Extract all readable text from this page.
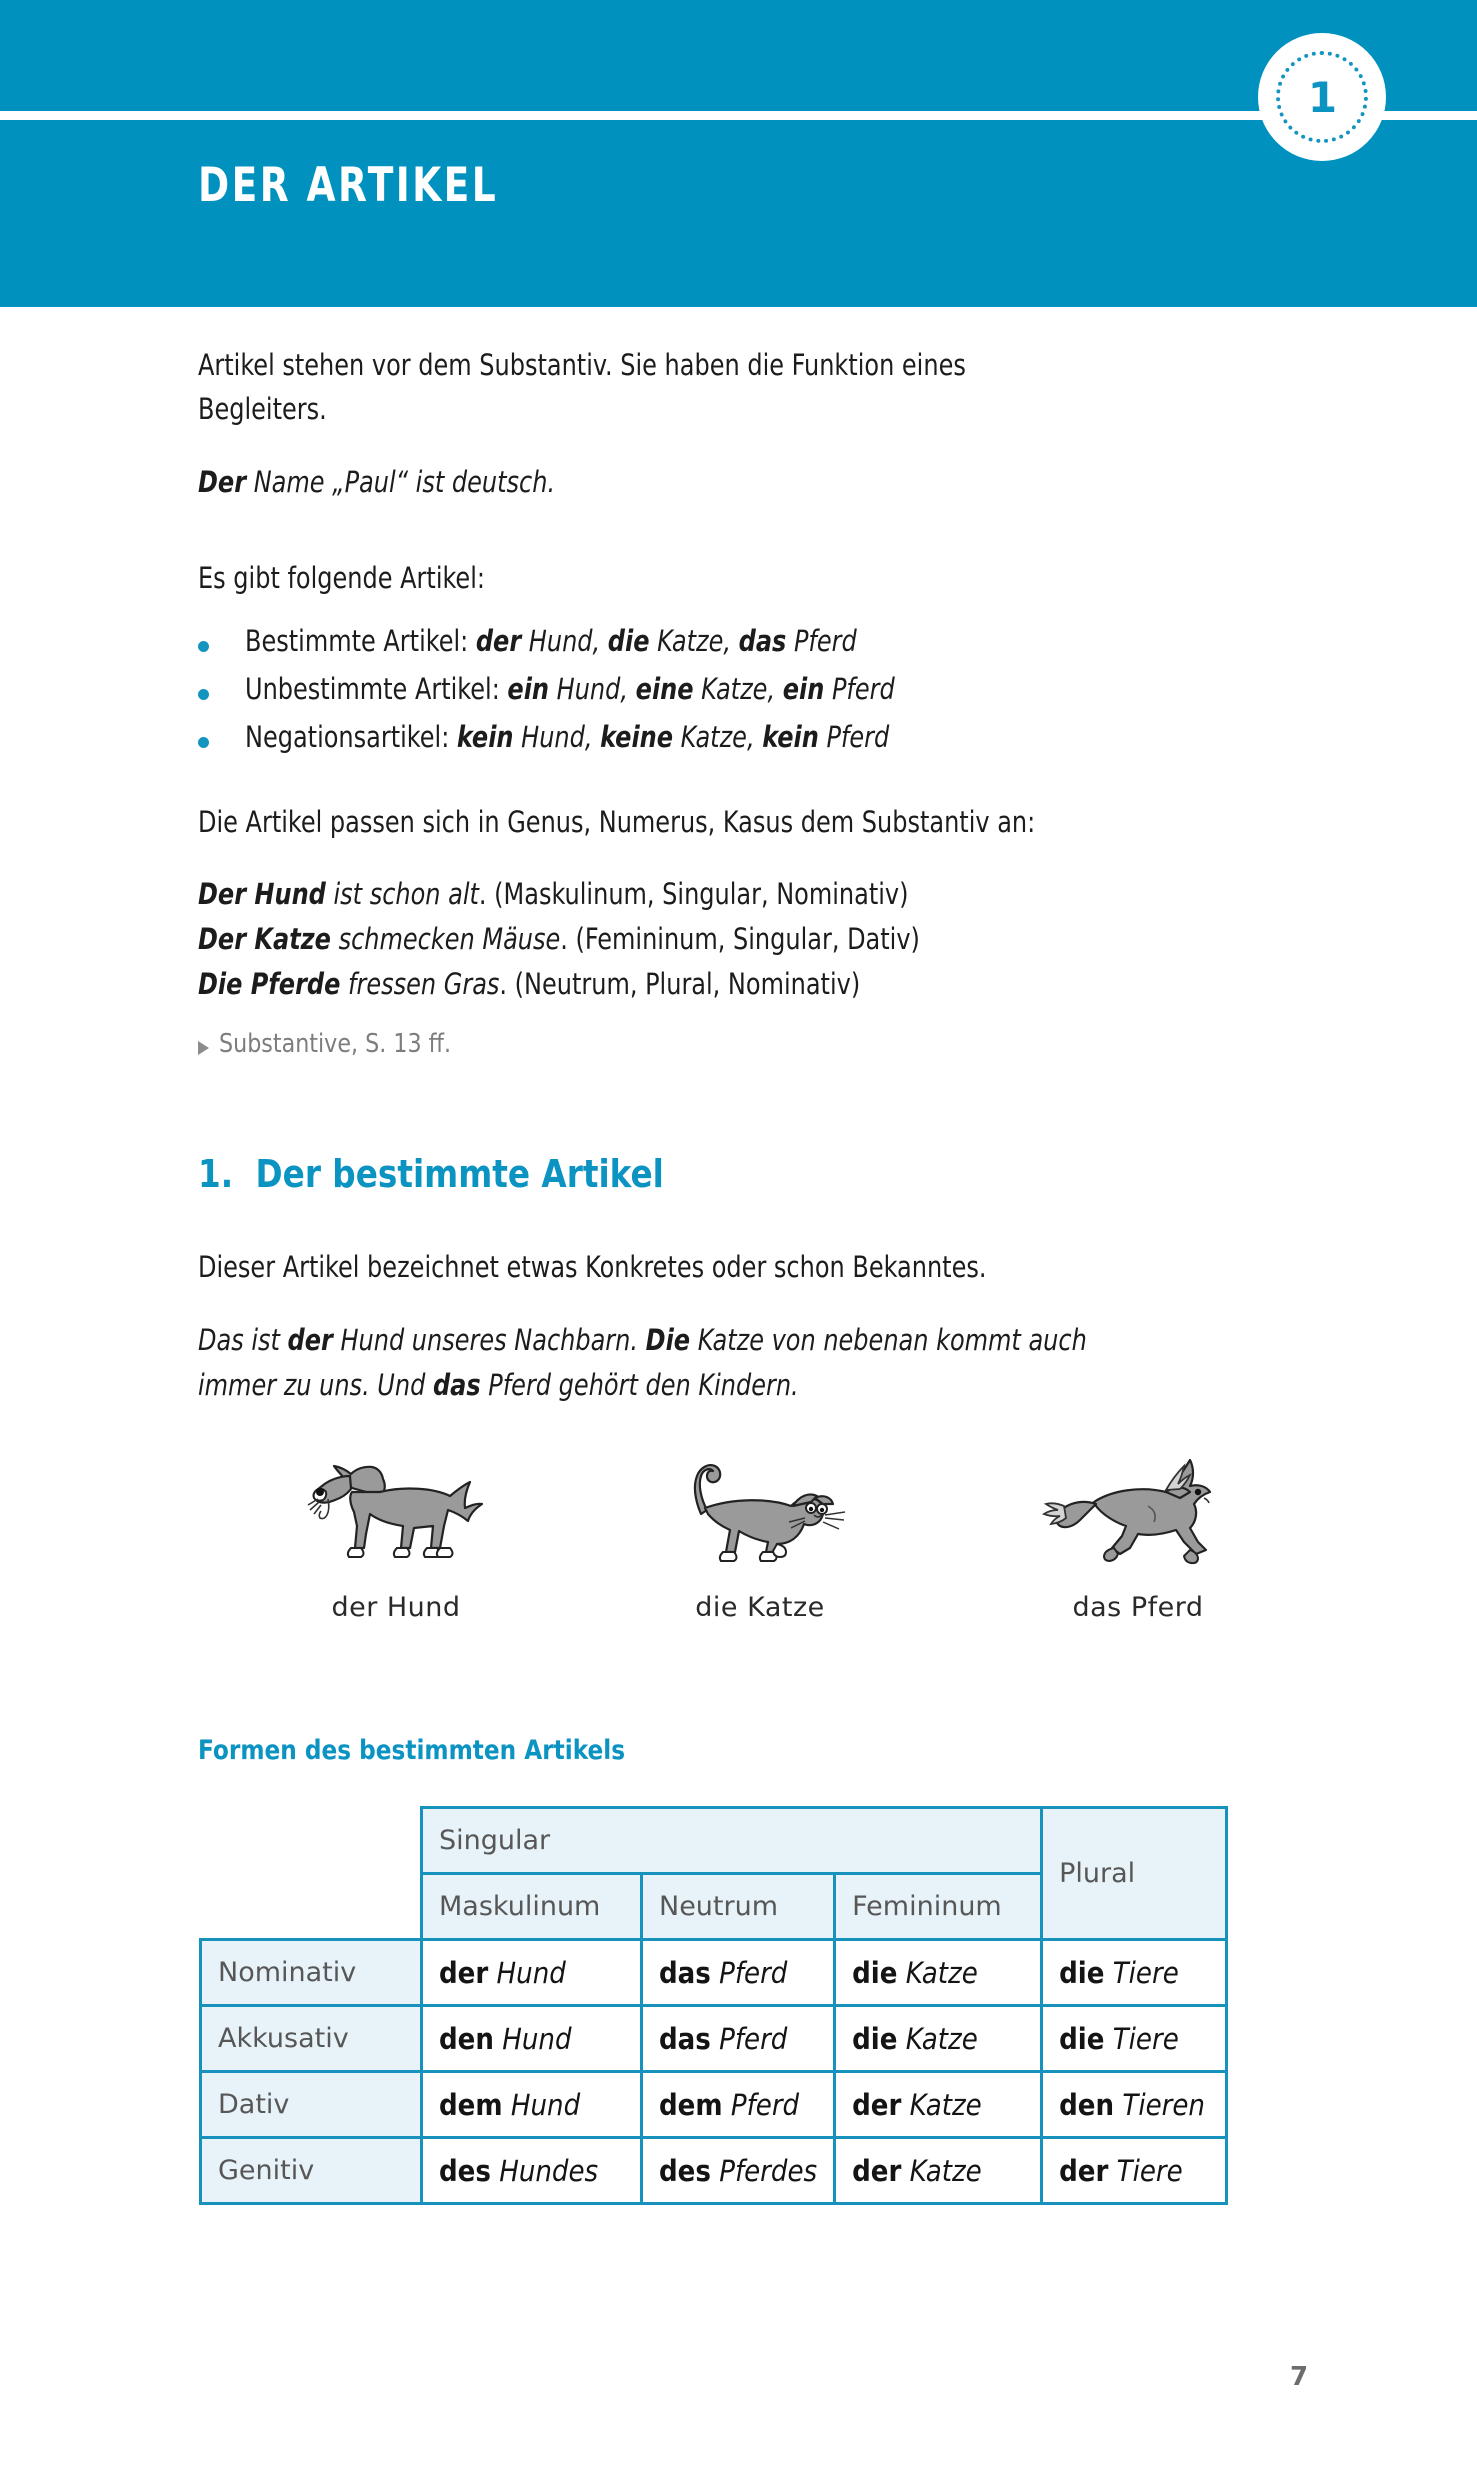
1
DER ARTIKEL
Artikel stehen vor dem Substantiv. Sie haben die Funktion eines
Begleiters.
Der Name „Paul“ ist deutsch.
Es gibt folgende Artikel:
Bestimmte Artikel: der Hund, die Katze, das Pferd
Unbestimmte Artikel: ein Hund, eine Katze, ein Pferd
Negationsartikel: kein Hund, keine Katze, kein Pferd
Die Artikel passen sich in Genus, Numerus, Kasus dem Substantiv an:
Der Hund ist schon alt. (Maskulinum, Singular, Nominativ)
Der Katze schmecken Mäuse. (Femininum, Singular, Dativ)
Die Pferde fressen Gras. (Neutrum, Plural, Nominativ)
Substantive, S. 13 ff.
1. Der bestimmte Artikel
Dieser Artikel bezeichnet etwas Konkretes oder schon Bekanntes.
Das ist der Hund unseres Nachbarn. Die Katze von nebenan kommt auch
immer zu uns. Und das Pferd gehört den Kindern.
der Hund	die Katze	das Pferd
Formen des bestimmten Artikels
	Singular			Plural
	Maskulinum	Neutrum	Femininum	
Nominativ	der Hund	das Pferd	die Katze	die Tiere
Akkusativ	den Hund	das Pferd	die Katze	die Tiere
Dativ	dem Hund	dem Pferd	der Katze	den Tieren
Genitiv	des Hundes	des Pferdes	der Katze	der Tiere
7
